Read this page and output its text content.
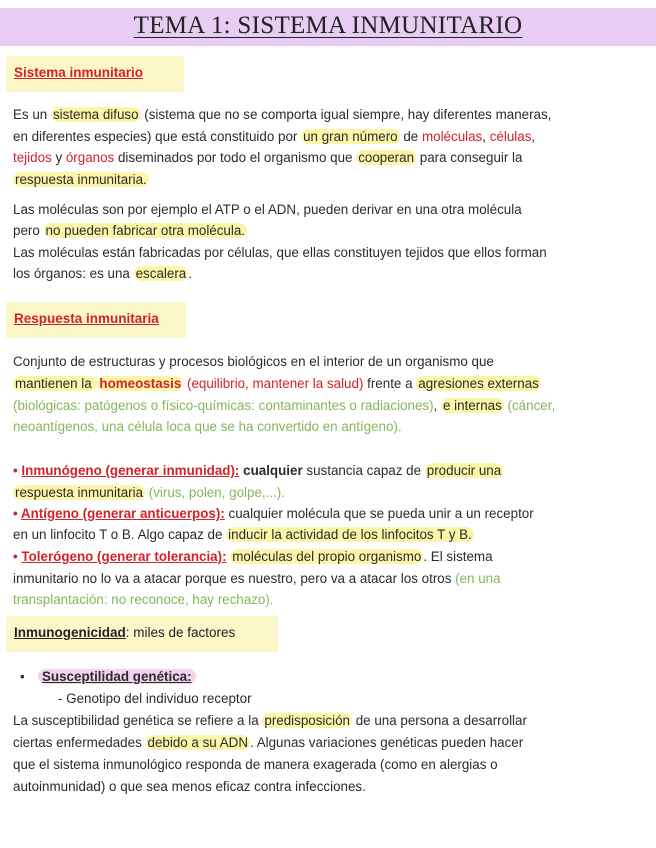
TEMA 1: SISTEMA INMUNITARIO
Sistema inmunitario
Es un sistema difuso (sistema que no se comporta igual siempre, hay diferentes maneras,
en diferentes especies) que está constituido por un gran número de moléculas, células,
tejidos y órganos diseminados por todo el organismo que cooperan para conseguir la
respuesta inmunitaria.
Las moléculas son por ejemplo el ATP o el ADN, pueden derivar en una otra molécula
pero no pueden fabricar otra molécula.
Las moléculas están fabricadas por células, que ellas constituyen tejidos que ellos forman
los órganos: es una escalera .
Respuesta inmunitaria
Conjunto de estructuras y procesos biológicos en el interior de un organismo que
mantienen la homeostasis (equilibrio, mantener la salud) frente a agresiones externas
(biológicas: patógenos o físico-químicas: contaminantes o radiaciones), e internas (cáncer,
neoantígenos, una célula loca que se ha convertido en antígeno).
• Inmunógeno (generar inmunidad): cualquier sustancia capaz de producir una
respuesta inmunitaria (virus, polen, golpe,...).
• Antígeno (generar anticuerpos): cualquier molécula que se pueda unir a un receptor
en un linfocito T o B. Algo capaz de inducir la actividad de los linfocitos T y B.
• Tolerógeno (generar tolerancia): moléculas del propio organismo . El sistema
inmunitario no lo va a atacar porque es nuestro, pero va a atacar los otros (en una
transplantación: no reconoce, hay rechazo).
Inmunogenicidad: miles de factores
• Susceptilidad genética:
- Genotipo del individuo receptor
La susceptibilidad genética se refiere a la predisposición de una persona a desarrollar
ciertas enfermedades debido a su ADN . Algunas variaciones genéticas pueden hacer
que el sistema inmunológico responda de manera exagerada (como en alergias o
autoinmunidad) o que sea menos eficaz contra infecciones.
